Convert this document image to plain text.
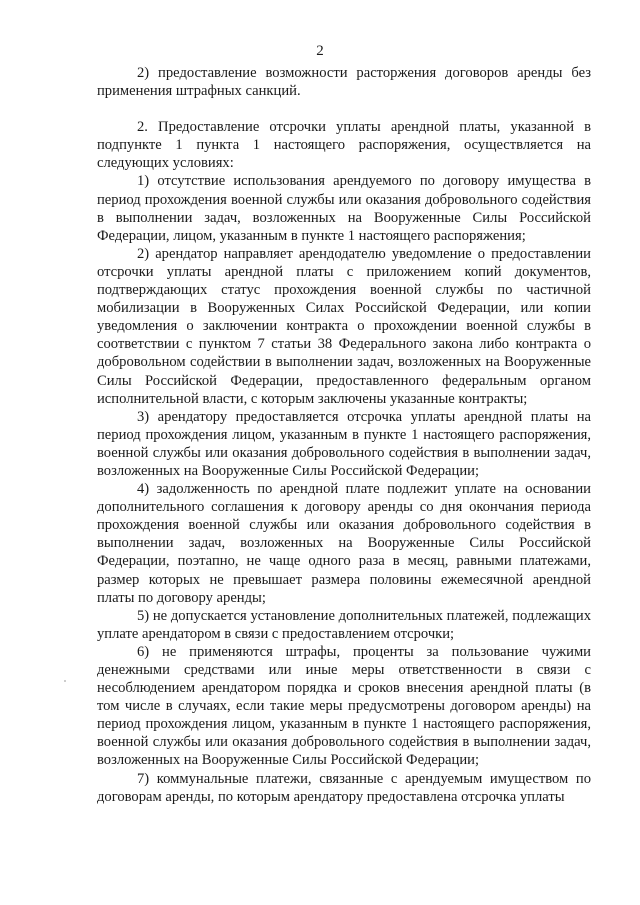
2

2) предоставление возможности расторжения договоров аренды без применения штрафных санкций.

2. Предоставление отсрочки уплаты арендной платы, указанной в подпункте 1 пункта 1 настоящего распоряжения, осуществляется на следующих условиях:

1) отсутствие использования арендуемого по договору имущества в период прохождения военной службы или оказания добровольного содействия в выполнении задач, возложенных на Вооруженные Силы Российской Федерации, лицом, указанным в пункте 1 настоящего распоряжения;

2) арендатор направляет арендодателю уведомление о предоставлении отсрочки уплаты арендной платы с приложением копий документов, подтверждающих статус прохождения военной службы по частичной мобилизации в Вооруженных Силах Российской Федерации, или копии уведомления о заключении контракта о прохождении военной службы в соответствии с пунктом 7 статьи 38 Федерального закона либо контракта о добровольном содействии в выполнении задач, возложенных на Вооруженные Силы Российской Федерации, предоставленного федеральным органом исполнительной власти, с которым заключены указанные контракты;

3) арендатору предоставляется отсрочка уплаты арендной платы на период прохождения лицом, указанным в пункте 1 настоящего распоряжения, военной службы или оказания добровольного содействия в выполнении задач, возложенных на Вооруженные Силы Российской Федерации;

4) задолженность по арендной плате подлежит уплате на основании дополнительного соглашения к договору аренды со дня окончания периода прохождения военной службы или оказания добровольного содействия в выполнении задач, возложенных на Вооруженные Силы Российской Федерации, поэтапно, не чаще одного раза в месяц, равными платежами, размер которых не превышает размера половины ежемесячной арендной платы по договору аренды;

5) не допускается установление дополнительных платежей, подлежащих уплате арендатором в связи с предоставлением отсрочки;

6) не применяются штрафы, проценты за пользование чужими денежными средствами или иные меры ответственности в связи с несоблюдением арендатором порядка и сроков внесения арендной платы (в том числе в случаях, если такие меры предусмотрены договором аренды) на период прохождения лицом, указанным в пункте 1 настоящего распоряжения, военной службы или оказания добровольного содействия в выполнении задач, возложенных на Вооруженные Силы Российской Федерации;

7) коммунальные платежи, связанные с арендуемым имуществом по договорам аренды, по которым арендатору предоставлена отсрочка уплаты
